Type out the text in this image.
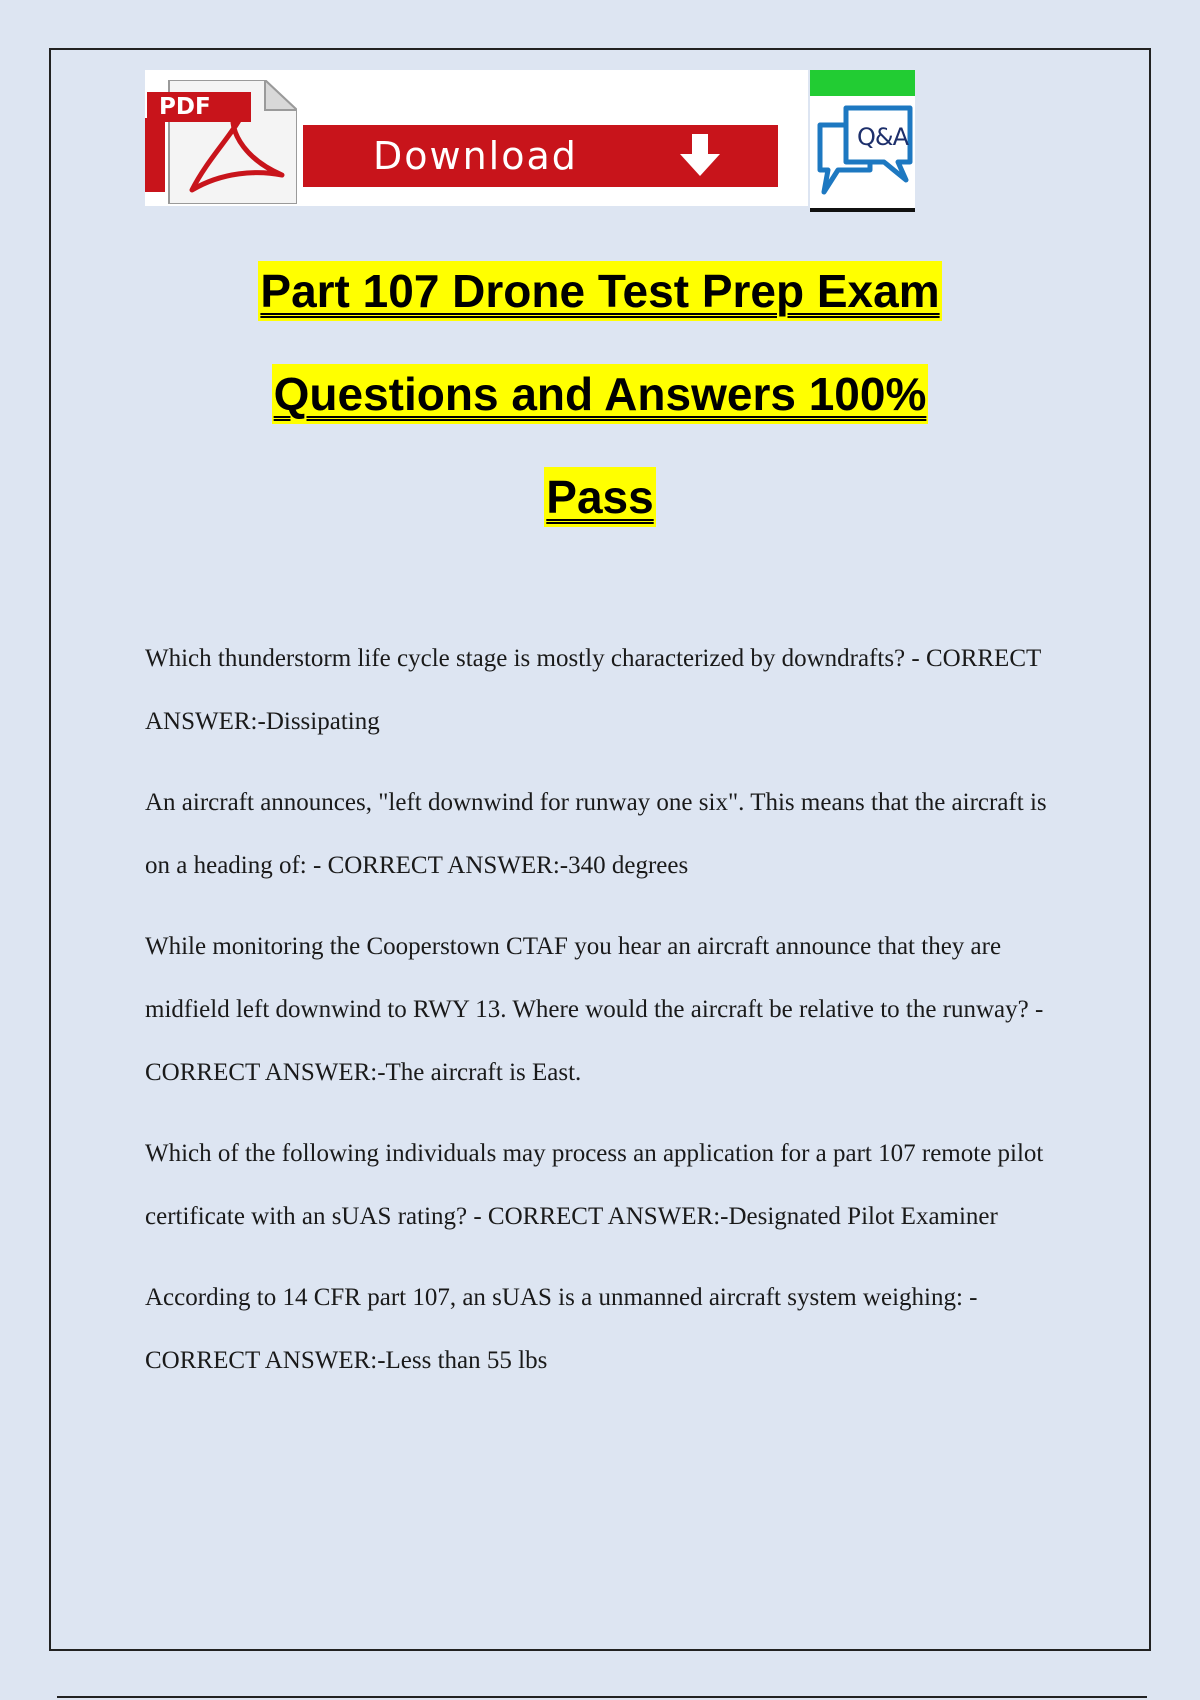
PDF
Download	Q&A
Part 107 Drone Test Prep Exam
Questions and Answers 100%
Pass
Which thunderstorm life cycle stage is mostly characterized by downdrafts? - CORRECT ANSWER:-Dissipating
An aircraft announces, "left downwind for runway one six". This means that the aircraft is on a heading of: - CORRECT ANSWER:-340 degrees
While monitoring the Cooperstown CTAF you hear an aircraft announce that they are midfield left downwind to RWY 13. Where would the aircraft be relative to the runway? - CORRECT ANSWER:-The aircraft is East.
Which of the following individuals may process an application for a part 107 remote pilot certificate with an sUAS rating? - CORRECT ANSWER:-Designated Pilot Examiner
According to 14 CFR part 107, an sUAS is a unmanned aircraft system weighing: - CORRECT ANSWER:-Less than 55 lbs
